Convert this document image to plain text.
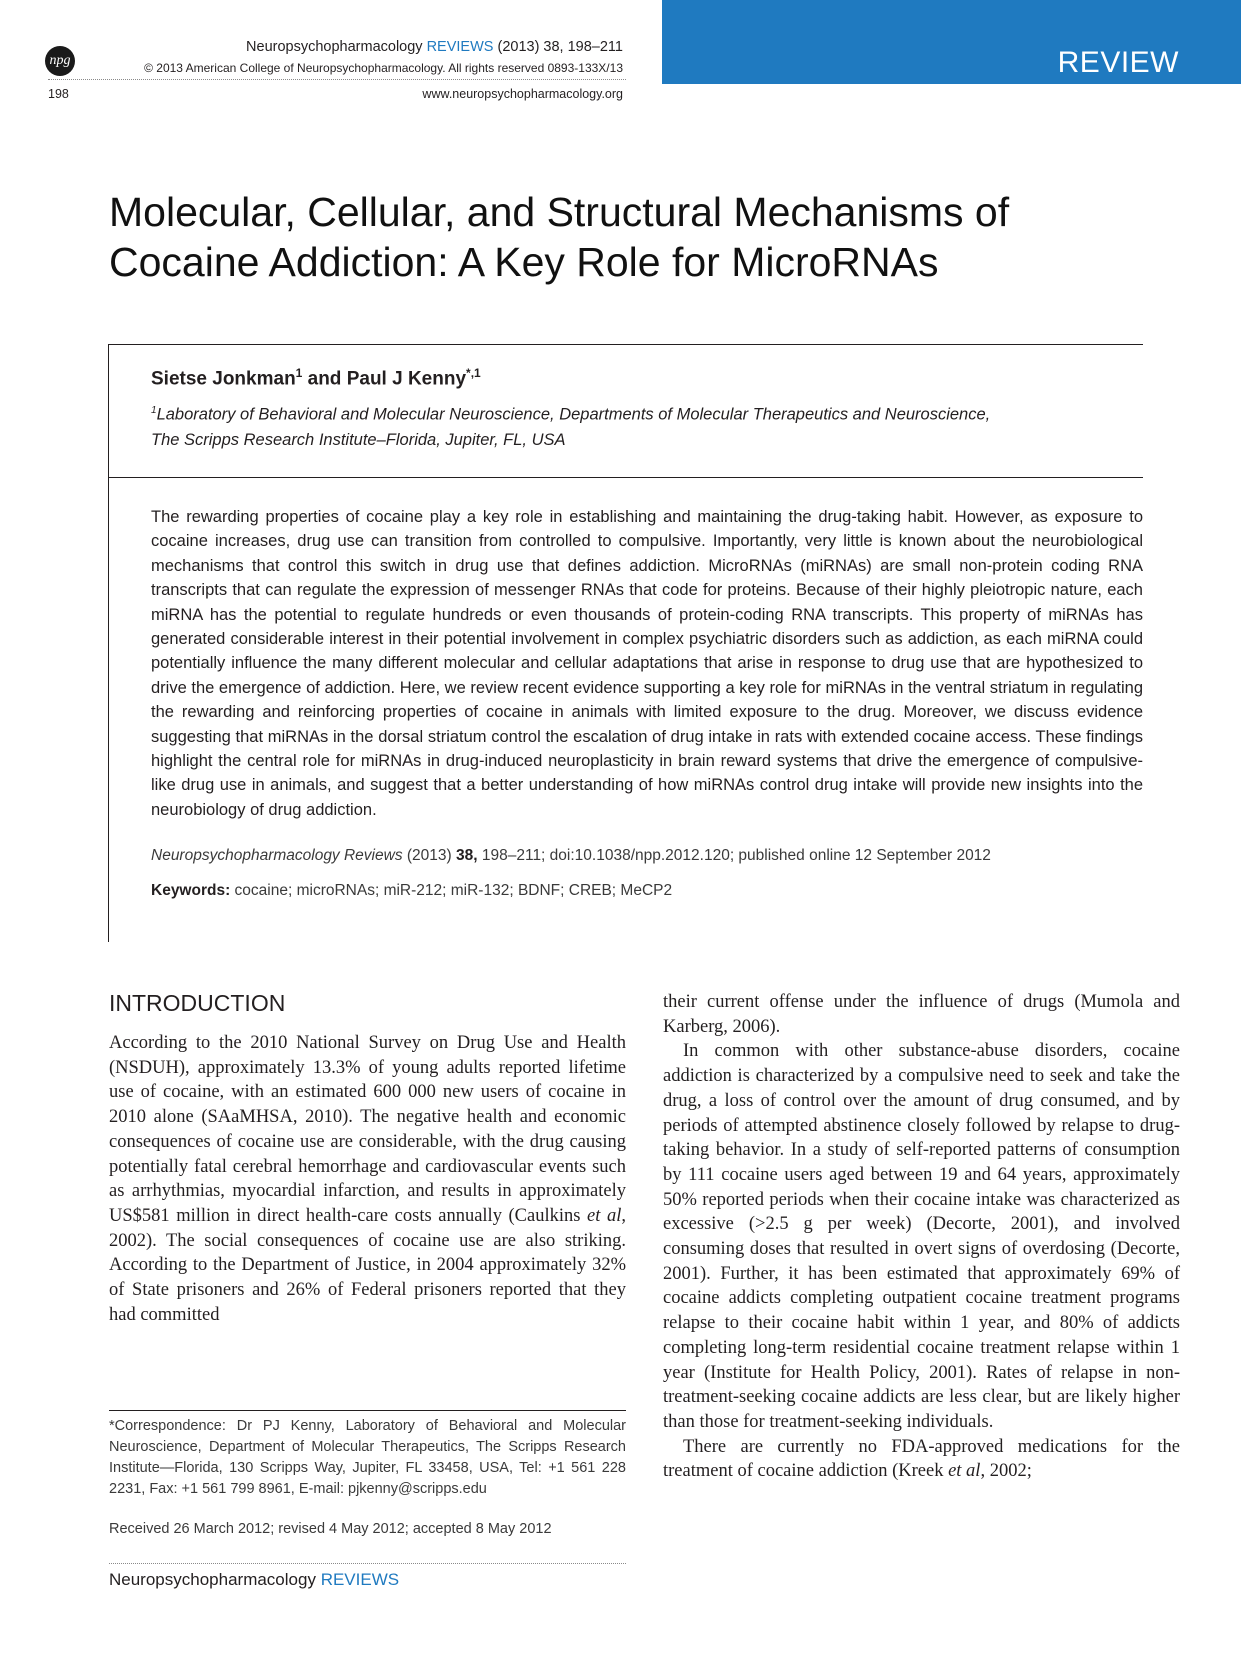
npg
Neuropsychopharmacology REVIEWS (2013) 38, 198–211
© 2013 American College of Neuropsychopharmacology. All rights reserved 0893-133X/13
198	www.neuropsychopharmacology.org
REVIEW
Molecular, Cellular, and Structural Mechanisms of
Cocaine Addiction: A Key Role for MicroRNAs
Sietse Jonkman$^1$ and Paul J Kenny$^{*,1}$
$^1$Laboratory of Behavioral and Molecular Neuroscience, Departments of Molecular Therapeutics and Neuroscience,
The Scripps Research Institute–Florida, Jupiter, FL, USA
The rewarding properties of cocaine play a key role in establishing and maintaining the drug-taking habit. However, as exposure to cocaine increases, drug use can transition from controlled to compulsive. Importantly, very little is known about the neurobiological mechanisms that control this switch in drug use that defines addiction. MicroRNAs (miRNAs) are small non-protein coding RNA transcripts that can regulate the expression of messenger RNAs that code for proteins. Because of their highly pleiotropic nature, each miRNA has the potential to regulate hundreds or even thousands of protein-coding RNA transcripts. This property of miRNAs has generated considerable interest in their potential involvement in complex psychiatric disorders such as addiction, as each miRNA could potentially influence the many different molecular and cellular adaptations that arise in response to drug use that are hypothesized to drive the emergence of addiction. Here, we review recent evidence supporting a key role for miRNAs in the ventral striatum in regulating the rewarding and reinforcing properties of cocaine in animals with limited exposure to the drug. Moreover, we discuss evidence suggesting that miRNAs in the dorsal striatum control the escalation of drug intake in rats with extended cocaine access. These findings highlight the central role for miRNAs in drug-induced neuroplasticity in brain reward systems that drive the emergence of compulsive-like drug use in animals, and suggest that a better understanding of how miRNAs control drug intake will provide new insights into the neurobiology of drug addiction.
Neuropsychopharmacology Reviews (2013) 38, 198–211; doi:10.1038/npp.2012.120; published online 12 September 2012
Keywords: cocaine; microRNAs; miR-212; miR-132; BDNF; CREB; MeCP2
INTRODUCTION

According to the 2010 National Survey on Drug Use and Health (NSDUH), approximately 13.3% of young adults reported lifetime use of cocaine, with an estimated 600 000 new users of cocaine in 2010 alone (SAaMHSA, 2010). The negative health and economic consequences of cocaine use are considerable, with the drug causing potentially fatal cerebral hemorrhage and cardiovascular events such as arrhythmias, myocardial infarction, and results in approximately US$581 million in direct health-care costs annually (Caulkins et al, 2002). The social consequences of cocaine use are also striking. According to the Department of Justice, in 2004 approximately 32% of State prisoners and 26% of Federal prisoners reported that they had committed

their current offense under the influence of drugs (Mumola and Karberg, 2006).

In common with other substance-abuse disorders, cocaine addiction is characterized by a compulsive need to seek and take the drug, a loss of control over the amount of drug consumed, and by periods of attempted abstinence closely followed by relapse to drug-taking behavior. In a study of self-reported patterns of consumption by 111 cocaine users aged between 19 and 64 years, approximately 50% reported periods when their cocaine intake was characterized as excessive (>2.5 g per week) (Decorte, 2001), and involved consuming doses that resulted in overt signs of overdosing (Decorte, 2001). Further, it has been estimated that approximately 69% of cocaine addicts completing outpatient cocaine treatment programs relapse to their cocaine habit within 1 year, and 80% of addicts completing long-term residential cocaine treatment relapse within 1 year (Institute for Health Policy, 2001). Rates of relapse in non-treatment-seeking cocaine addicts are less clear, but are likely higher than those for treatment-seeking individuals.

There are currently no FDA-approved medications for the treatment of cocaine addiction (Kreek et al, 2002;

*Correspondence: Dr PJ Kenny, Laboratory of Behavioral and Molecular Neuroscience, Department of Molecular Therapeutics, The Scripps Research Institute—Florida, 130 Scripps Way, Jupiter, FL 33458, USA, Tel: +1 561 228 2231, Fax: +1 561 799 8961, E-mail: pjkenny@scripps.edu
Received 26 March 2012; revised 4 May 2012; accepted 8 May 2012
Neuropsychopharmacology REVIEWS
